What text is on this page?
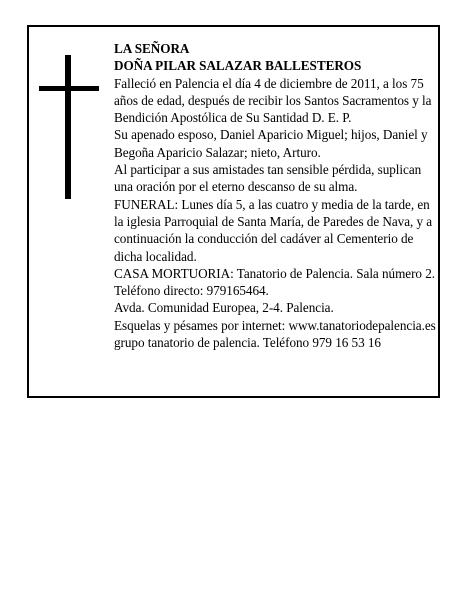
LA SEÑORA
DOÑA PILAR SALAZAR BALLESTEROS
Falleció en Palencia el día 4 de diciembre de 2011, a los 75 años de edad, después de recibir los Santos Sacramentos y la Bendición Apostólica de Su Santidad D. E. P.
Su apenado esposo, Daniel Aparicio Miguel; hijos, Daniel y Begoña Aparicio Salazar; nieto, Arturo.
Al participar a sus amistades tan sensible pérdida, suplican una oración por el eterno descanso de su alma.
FUNERAL: Lunes día 5, a las cuatro y media de la tarde, en la iglesia Parroquial de Santa María, de Paredes de Nava, y a continuación la conducción del cadáver al Cementerio de dicha localidad.
CASA MORTUORIA: Tanatorio de Palencia. Sala número 2. Teléfono directo: 979165464.
Avda. Comunidad Europea, 2-4. Palencia.
Esquelas y pésames por internet: www.tanatoriodepalencia.es
grupo tanatorio de palencia. Teléfono 979 16 53 16
